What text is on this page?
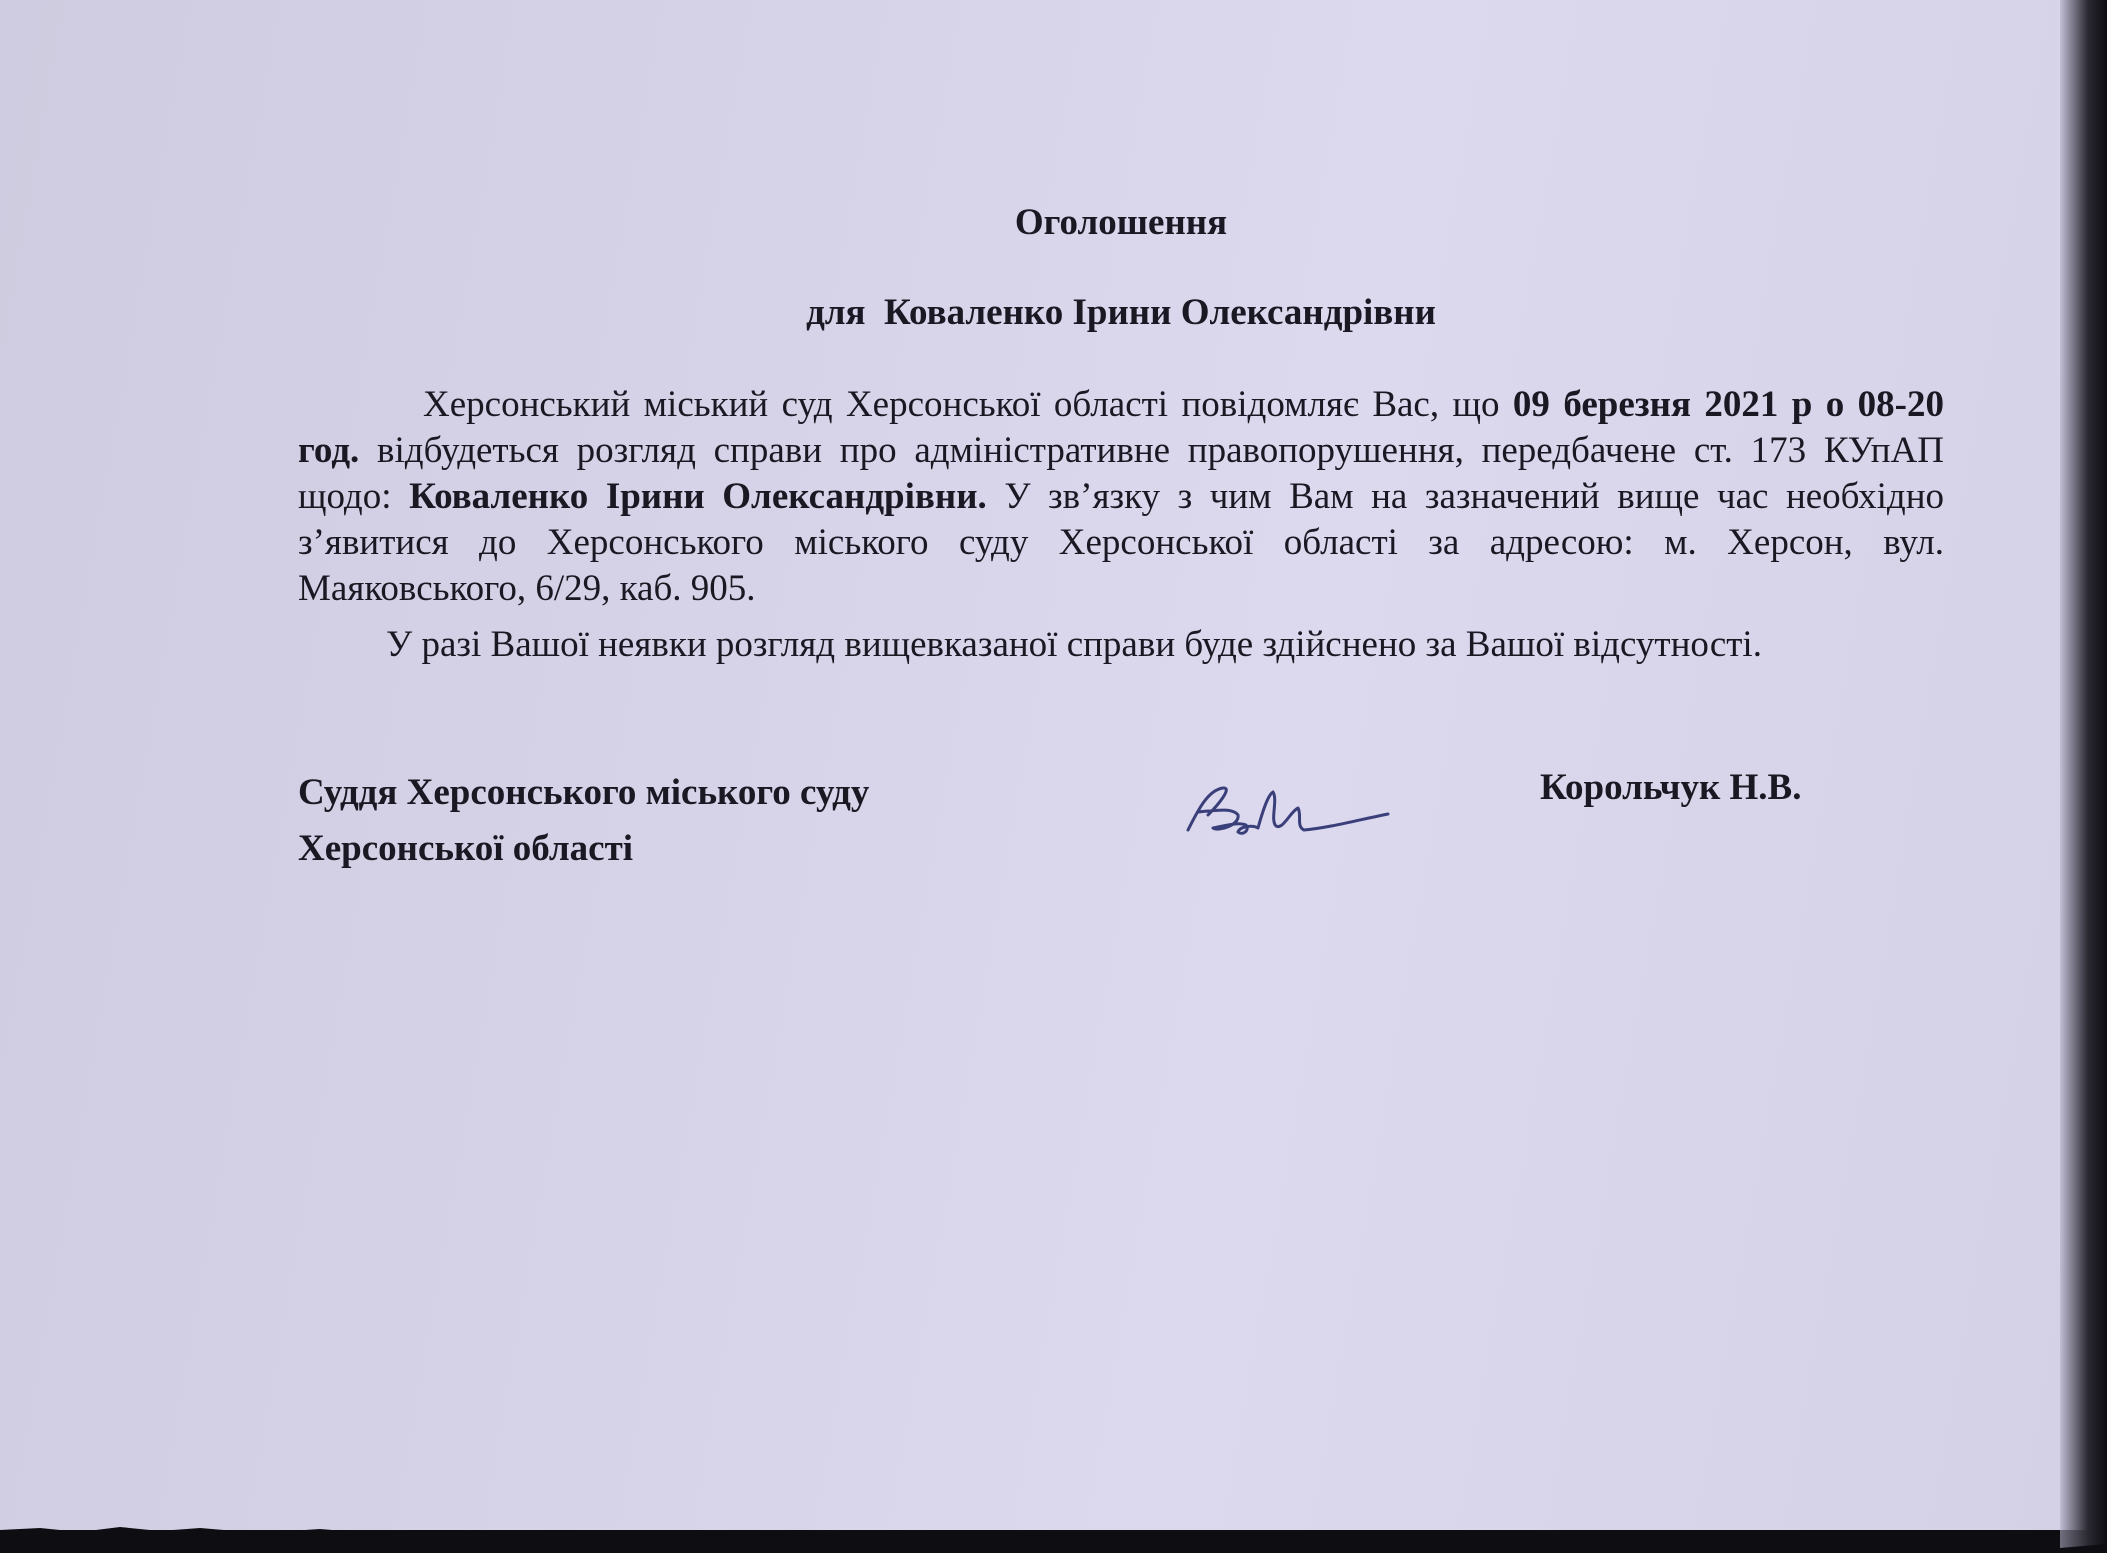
Оголошення
для  Коваленко Ірини Олександрівни

Херсонський міський суд Херсонської області повідомляє Вас, що 09 березня 2021 р о 08-20 год. відбудеться розгляд справи про адміністративне правопорушення, передбачене ст. 173 КУпАП щодо: Коваленко Ірини Олександрівни. У зв’язку з чим Вам на зазначений вище час необхідно з’явитися до Херсонського міського суду Херсонської області за адресою: м. Херсон, вул. Маяковського, 6/29, каб. 905.

У разі Вашої неявки розгляд вищевказаної справи буде здійснено за Вашої відсутності.

Суддя Херсонського міського суду
Херсонської області
Корольчук Н.В.
